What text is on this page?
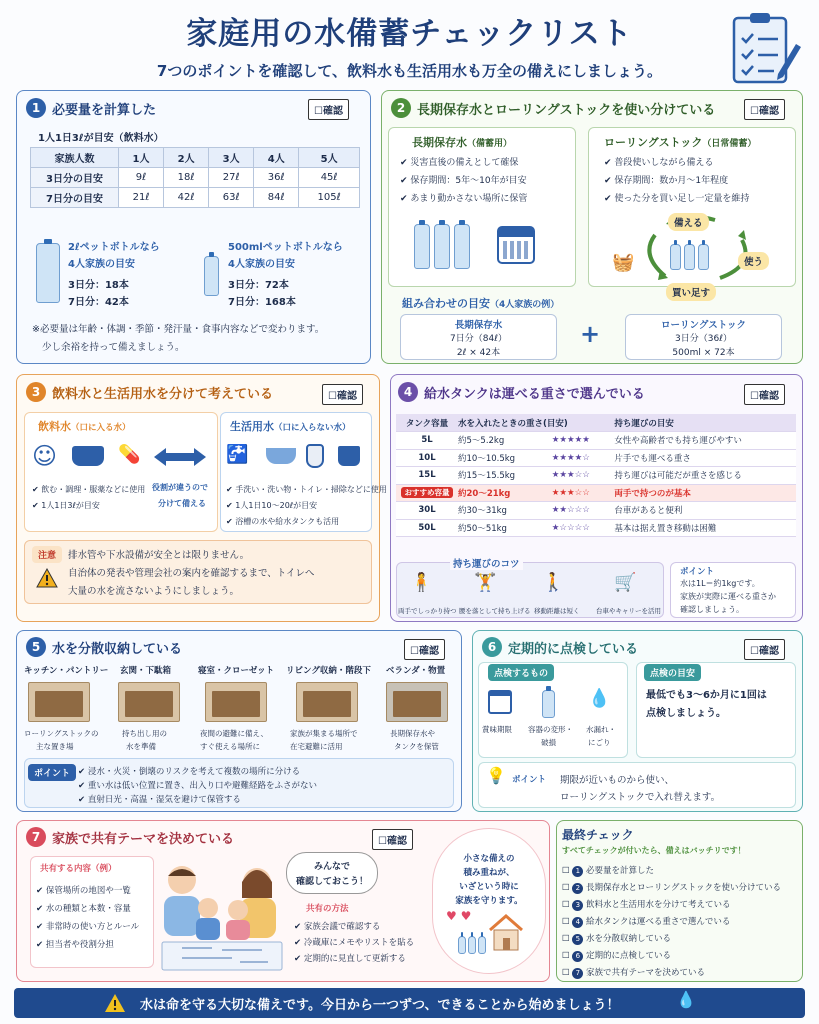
家庭用の水備蓄チェックリスト
7つのポイントを確認して、飲料水も生活用水も万全の備えにしましょう。
1 必要量を計算した	☐確認
1人1日3ℓが目安（飲料水）
家族人数	1人	2人	3人	4人	5人
3日分の目安	9ℓ	18ℓ	27ℓ	36ℓ	45ℓ
7日分の目安	21ℓ	42ℓ	63ℓ	84ℓ	105ℓ
2ℓペットボトルなら
4人家族の目安
3日分：18本
7日分：42本
500mlペットボトルなら
4人家族の目安
3日分：72本
7日分：168本
※必要量は年齢・体調・季節・発汗量・食事内容などで変わります。
少し余裕を持って備えましょう。
2 長期保存水とローリングストックを使い分けている	☐確認
長期保存水（備蓄用）
✔ 災害直後の備えとして確保
✔ 保存期間：5年〜10年が目安
✔ あまり動かさない場所に保管
ローリングストック（日常備蓄）
✔ 普段使いしながら備える
✔ 保存期間：数か月〜1年程度
✔ 使った分を買い足し一定量を維持
備える
使う
買い足す
🧺
組み合わせの目安（4人家族の例）
長期保存水
7日分（84ℓ）
2ℓ × 42本
+	ローリングストック
3日分（36ℓ）
500ml × 72本
3 飲料水と生活用水を分けて考えている	☐確認
飲料水（口に入る水）
☺	💊
✔ 飲む・調理・服薬などに使用
✔ 1人1日3ℓが目安
役割が違うので
分けて備える
生活用水（口に入らない水）
🚰
✔ 手洗い・洗い物・トイレ・掃除などに使用
✔ 1人1日10〜20ℓが目安
✔ 浴槽の水や給水タンクも活用
注意	排水管や下水設備が安全とは限りません。
自治体の発表や管理会社の案内を確認するまで、トイレへ
大量の水を流さないようにしましょう。
4 給水タンクは運べる重さで選んでいる	☐確認
タンク容量	水を入れたときの重さ(目安)		持ち運びの目安
5L	約5〜5.2kg	★★★★★	女性や高齢者でも持ち運びやすい
10L	約10〜10.5kg	★★★★☆	片手でも運べる重さ
15L	約15〜15.5kg	★★★☆☆	持ち運びは可能だが重さを感じる
おすすめ容量	約20〜21kg	★★★☆☆	両手で持つのが基本
30L	約30〜31kg	★★☆☆☆	台車があると便利
50L	約50〜51kg	★☆☆☆☆	基本は据え置き移動は困難
持ち運びのコツ
🧍 🏋	🚶	🛒
両手でしっかり持つ 腰を落として持ち上げる 移動距離は短く	台車やキャリーを活用
ポイント
水は1L＝約1kgです。
家族が実際に運べる重さか
確認しましょう。
5 水を分散収納している	☐確認
キッチン・パントリー
ローリングストックの
主な置き場
玄関・下駄箱
持ち出し用の
水を準備
寝室・クローゼット
夜間の避難に備え、
すぐ使える場所に
リビング収納・階段下
家族が集まる場所で
在宅避難に活用
ベランダ・物置
長期保存水や
タンクを保管
ポイント ✔ 浸水・火災・倒壊のリスクを考えて複数の場所に分ける
✔ 重い水は低い位置に置き、出入り口や避難経路をふさがない
✔ 直射日光・高温・湿気を避けて保管する
6 定期的に点検している	☐確認
点検するもの
💧
賞味期限 容器の変形・
破損
水漏れ・
にごり
点検の目安
最低でも3〜6か月に1回は
点検しましょう。
💡 ポイント 期限が近いものから使い、
ローリングストックで入れ替えます。
7 家族で共有テーマを決めている	☐確認
共有する内容（例）
✔ 保管場所の地図や一覧
✔ 水の種類と本数・容量
✔ 非常時の使い方とルール
✔ 担当者や役割分担
みんなで
確認しておこう！
共有の方法
✔ 家族会議で確認する
✔ 冷蔵庫にメモやリストを貼る
✔ 定期的に見直して更新する
小さな備えの
積み重ねが、
いざという時に
家族を守ります。
♥ ♥
最終チェック
すべてチェックが付いたら、備えはバッチリです！
☐ 1 必要量を計算した
☐ 2 長期保存水とローリングストックを使い分けている
☐ 3 飲料水と生活用水を分けて考えている
☐ 4 給水タンクは運べる重さで選んでいる
☐ 5 水を分散収納している
☐ 6 定期的に点検している
☐ 7 家族で共有テーマを決めている
水は命を守る大切な備えです。今日から一つずつ、できることから始めましょう！	💧
